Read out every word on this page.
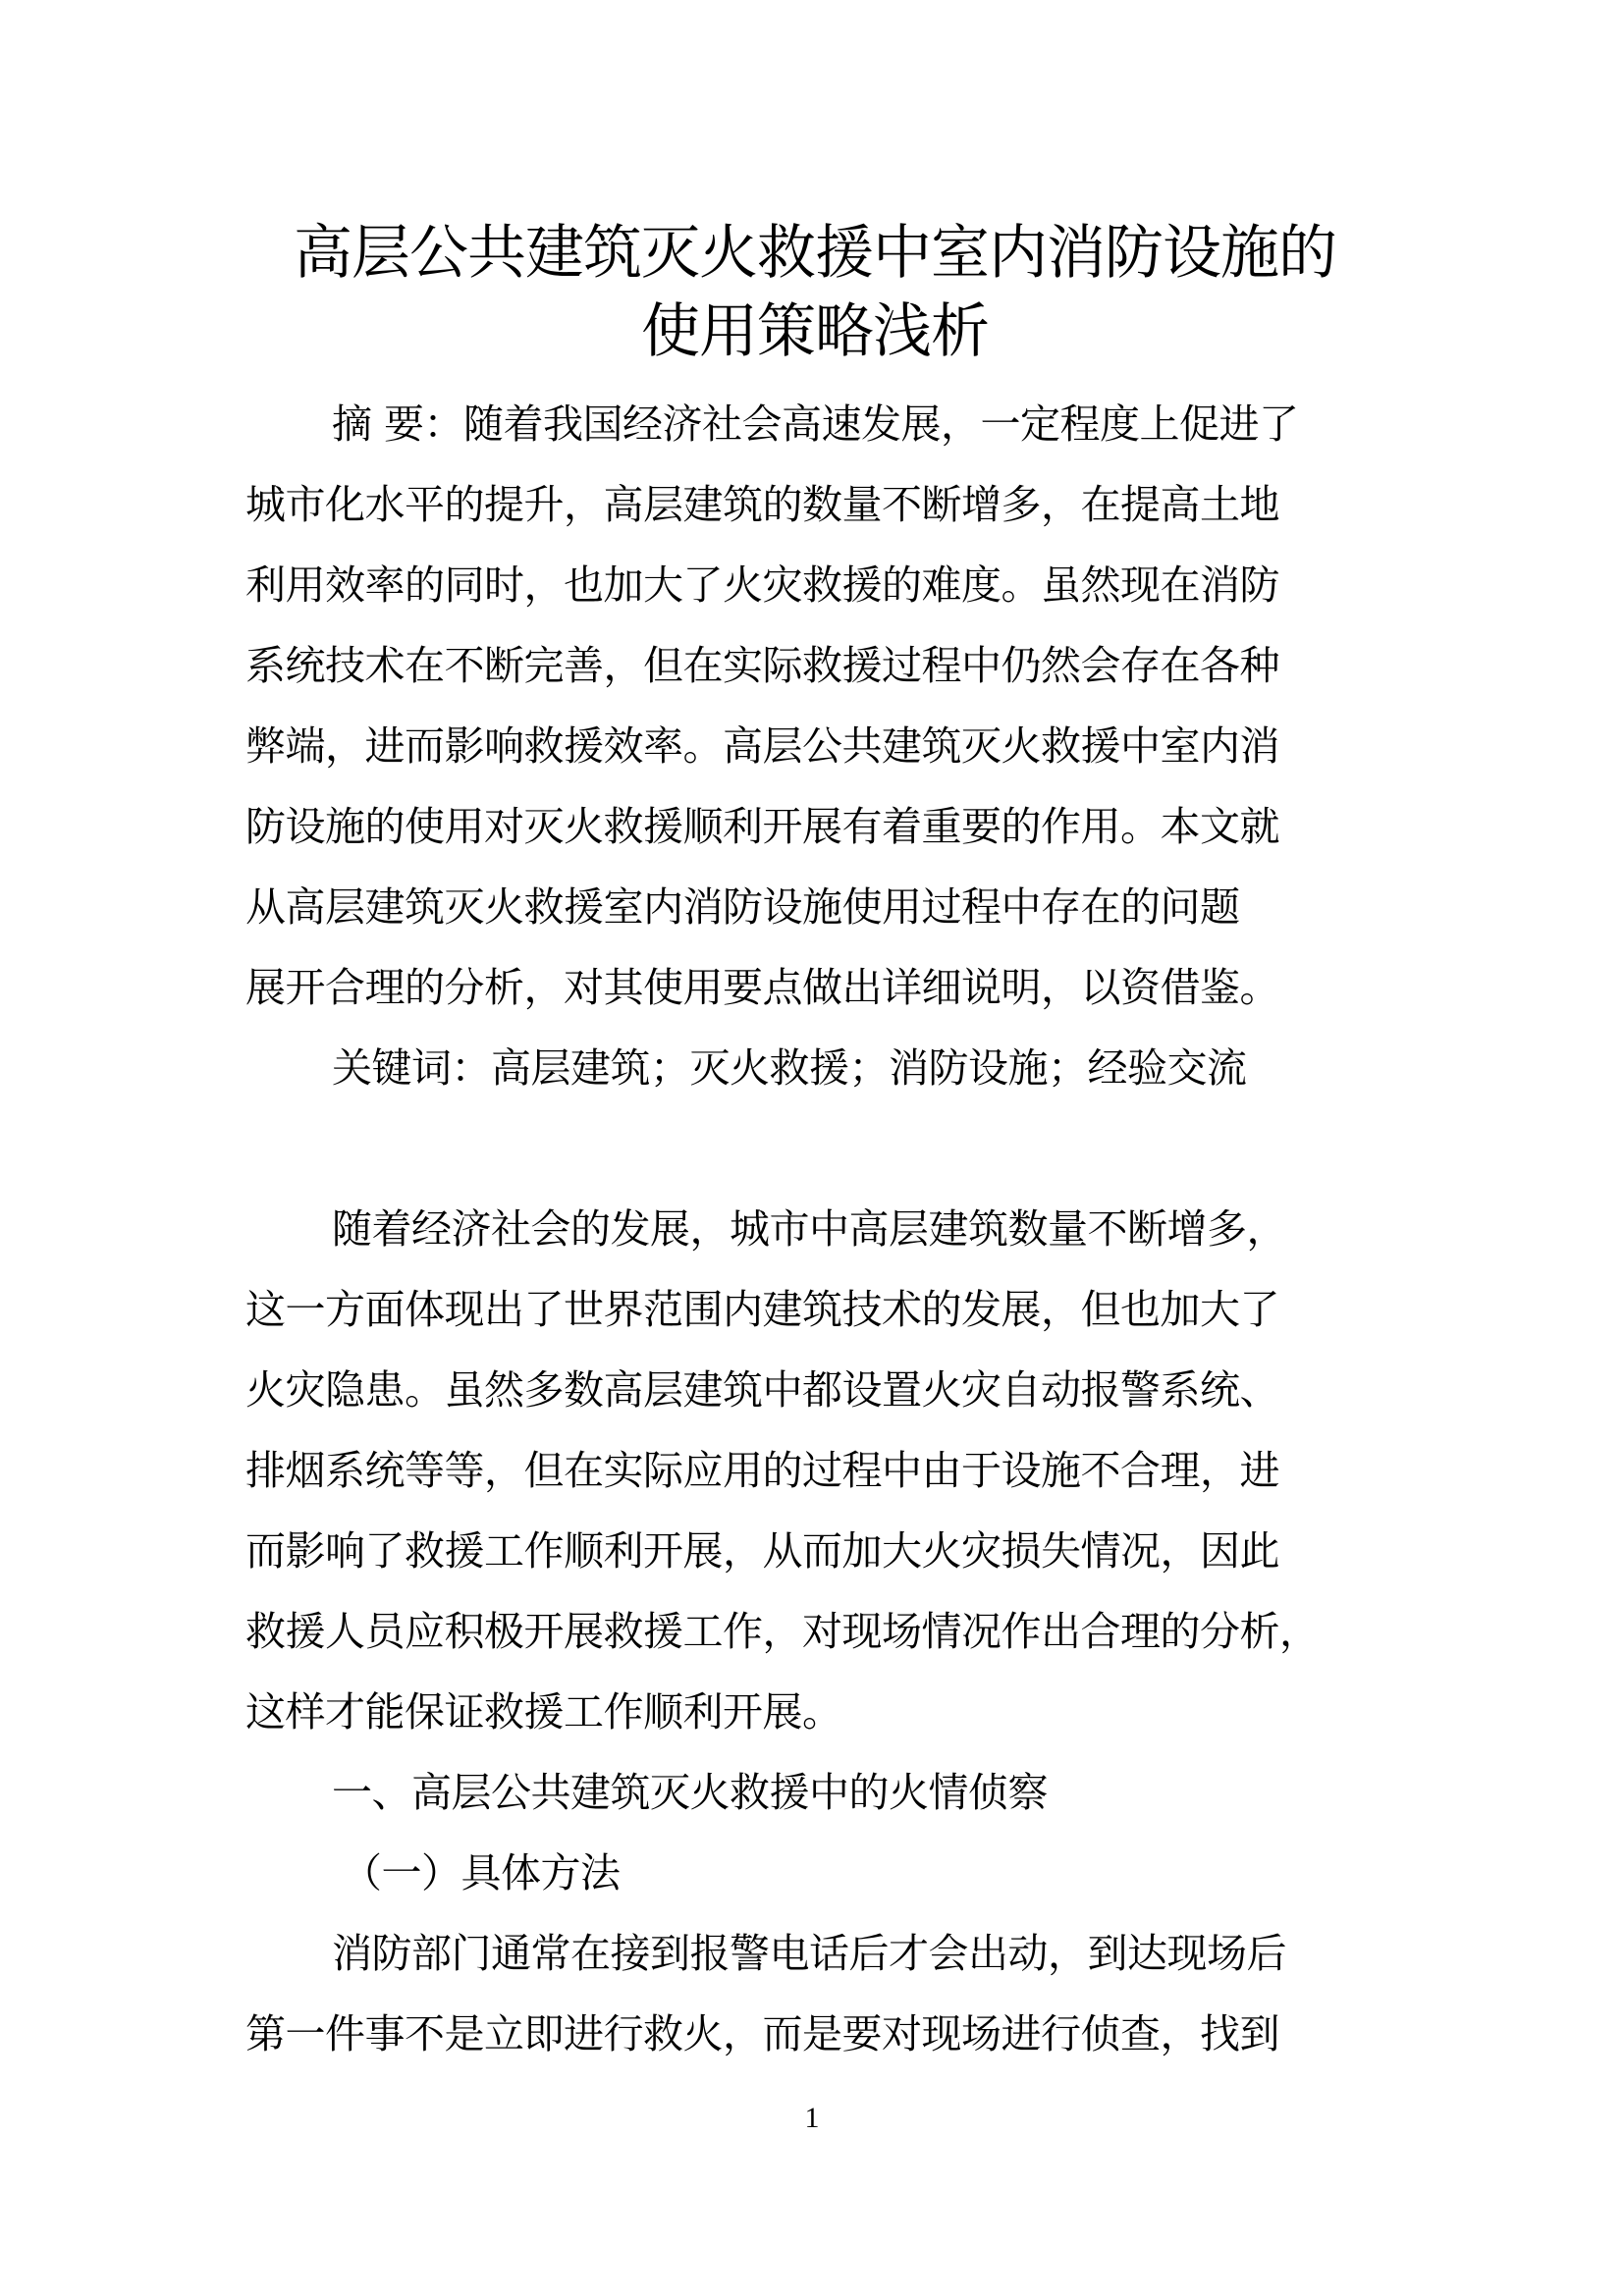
高层公共建筑灭火救援中室内消防设施的
使用策略浅析
摘 要：随着我国经济社会高速发展，一定程度上促进了
城市化水平的提升，高层建筑的数量不断增多，在提高土地
利用效率的同时，也加大了火灾救援的难度。虽然现在消防
系统技术在不断完善，但在实际救援过程中仍然会存在各种
弊端，进而影响救援效率。高层公共建筑灭火救援中室内消
防设施的使用对灭火救援顺利开展有着重要的作用。本文就
从高层建筑灭火救援室内消防设施使用过程中存在的问题
展开合理的分析，对其使用要点做出详细说明，以资借鉴。
关键词：高层建筑；灭火救援；消防设施；经验交流
随着经济社会的发展，城市中高层建筑数量不断增多，
这一方面体现出了世界范围内建筑技术的发展，但也加大了
火灾隐患。虽然多数高层建筑中都设置火灾自动报警系统、
排烟系统等等，但在实际应用的过程中由于设施不合理，进
而影响了救援工作顺利开展，从而加大火灾损失情况，因此
救援人员应积极开展救援工作，对现场情况作出合理的分析，
这样才能保证救援工作顺利开展。
一、高层公共建筑灭火救援中的火情侦察
（一）具体方法
消防部门通常在接到报警电话后才会出动，到达现场后
第一件事不是立即进行救火，而是要对现场进行侦查，找到
1
